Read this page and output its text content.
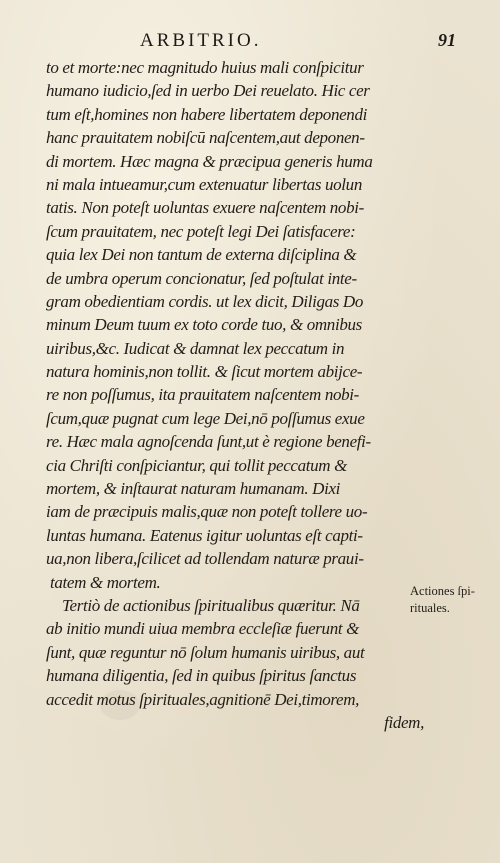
ARBITRIO.	91
to et morte:nec magnitudo huius mali conſpicitur
humano iudicio,ſed in uerbo Dei reuelato. Hic cer
tum eſt,homines non habere libertatem deponendi
hanc prauitatem nobiſcū naſcentem,aut deponen-
di mortem. Hæc magna & præcipua generis huma
ni mala intueamur,cum extenuatur libertas uolun
tatis. Non poteſt uoluntas exuere naſcentem nobi-
ſcum prauitatem, nec poteſt legi Dei ſatisfacere:
quia lex Dei non tantum de externa diſciplina &
de umbra operum concionatur, ſed poſtulat inte-
gram obedientiam cordis. ut lex dicit, Diligas Do
minum Deum tuum ex toto corde tuo, & omnibus
uiribus,&c. Iudicat & damnat lex peccatum in
natura hominis,non tollit. & ſicut mortem abijce-
re non poſſumus, ita prauitatem naſcentem nobi-
ſcum,quæ pugnat cum lege Dei,nō poſſumus exue
re. Hæc mala agnoſcenda ſunt,ut è regione benefi-
cia Chriſti conſpiciantur, qui tollit peccatum &
mortem, & inſtaurat naturam humanam. Dixi
iam de præcipuis malis,quæ non poteſt tollere uo-
luntas humana. Eatenus igitur uoluntas eſt capti-
ua,non libera,ſcilicet ad tollendam naturæ praui-
tatem & mortem.
Tertiò de actionibus ſpiritualibus quæritur. Nā
ab initio mundi uiua membra eccleſiæ fuerunt &
ſunt, quæ reguntur nō ſolum humanis uiribus, aut
humana diligentia, ſed in quibus ſpiritus ſanctus
accedit motus ſpirituales,agnitionē Dei,timorem,
fidem,
Actiones ſpi-
rituales.
